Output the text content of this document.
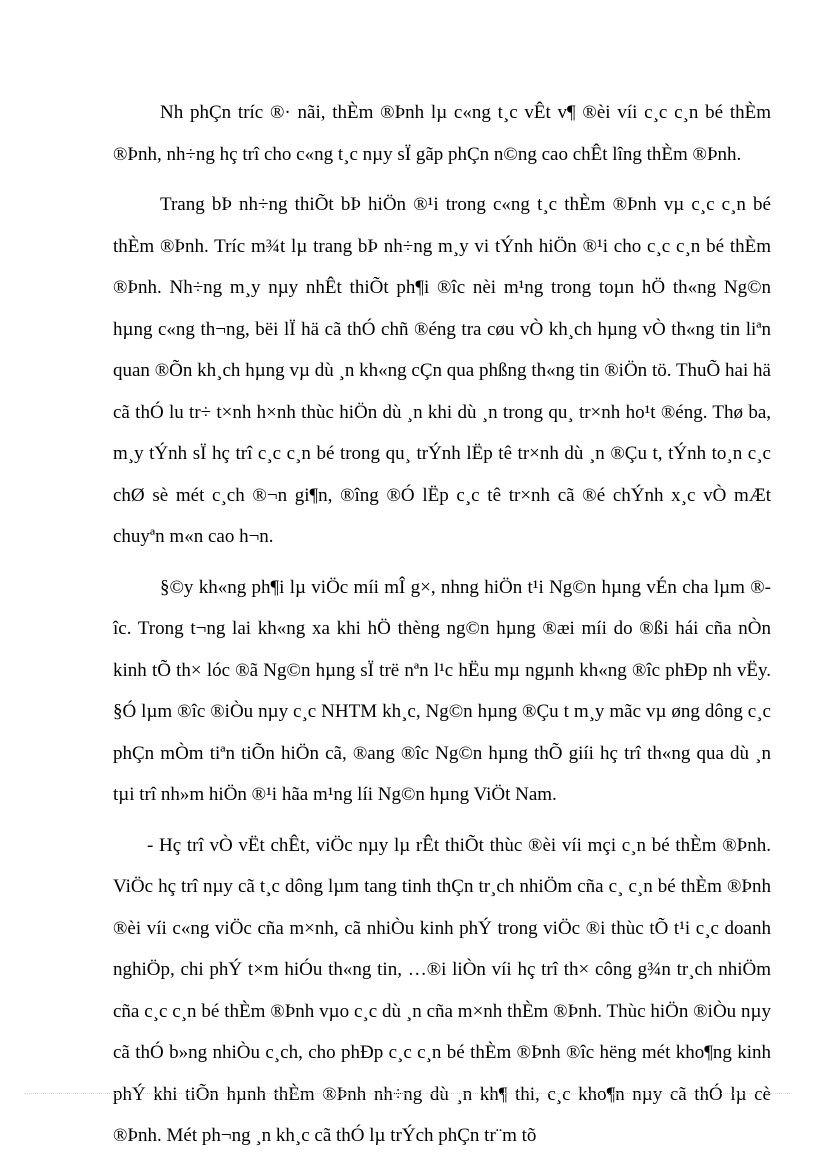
Nh phÇn tríc ®· nãi, thÈm ®Þnh lµ c«ng t¸c vÊt v¶ ®èi víi c¸c c¸n bé thÈm ®Þnh, nh÷ng hç trî cho c«ng t¸c nµy sÏ gãp phÇn n©ng cao chÊt lîng thÈm ®Þnh.

Trang bÞ nh÷ng thiÕt bÞ hiÖn ®¹i trong c«ng t¸c thÈm ®Þnh vµ c¸c c¸n bé thÈm ®Þnh. Tríc m¾t lµ trang bÞ nh÷ng m¸y vi tÝnh hiÖn ®¹i cho c¸c c¸n bé thÈm ®Þnh. Nh÷ng m¸y nµy nhÊt thiÕt ph¶i ®îc nèi m¹ng trong toµn hÖ th«ng Ng©n hµng c«ng th¬ng, bëi lÏ hä cã thÓ chñ ®éng tra cøu vÒ kh¸ch hµng vÒ th«ng tin liªn quan ®Õn kh¸ch hµng vµ dù ¸n kh«ng cÇn qua phßng th«ng tin ®iÖn tö. ThuÕ hai hä cã thÓ lu tr÷ t×nh h×nh thùc hiÖn dù ¸n khi dù ¸n trong qu¸ tr×nh ho¹t ®éng. Thø ba, m¸y tÝnh sÏ hç trî c¸c c¸n bé trong qu¸ trÝnh lËp tê tr×nh dù ¸n ®Çu t, tÝnh to¸n c¸c chØ sè mét c¸ch ®¬n gi¶n, ®îng ®Ó lËp c¸c tê tr×nh cã ®é chÝnh x¸c vÒ mÆt chuyªn m«n cao h¬n.

§©y kh«ng ph¶i lµ viÖc míi mÎ g×, nhng hiÖn t¹i Ng©n hµng vÉn cha lµm ®îc. Trong t¬ng lai kh«ng xa khi hÖ thèng ng©n hµng ®æi míi do ®ßi hái cña nÒn kinh tÕ th× lóc ®ã Ng©n hµng sÏ trë nªn l¹c hËu mµ ngµnh kh«ng ®îc phÐp nh vËy. §Ó lµm ®îc ®iÒu nµy c¸c NHTM kh¸c, Ng©n hµng ®Çu t m¸y mãc vµ øng dông c¸c phÇn mÒm tiªn tiÕn hiÖn cã, ®ang ®îc Ng©n hµng thÕ giíi hç trî th«ng qua dù ¸n tµi trî nh»m hiÖn ®¹i hãa m¹ng líi Ng©n hµng ViÖt Nam.

- Hç trî vÒ vËt chÊt, viÖc nµy lµ rÊt thiÕt thùc ®èi víi mçi c¸n bé thÈm ®Þnh. ViÖc hç trî nµy cã t¸c dông lµm tang tinh thÇn tr¸ch nhiÖm cña c¸ c¸n bé thÈm ®Þnh ®èi víi c«ng viÖc cña m×nh, cã nhiÒu kinh phÝ trong viÖc ®i thùc tÕ t¹i c¸c doanh nghiÖp, chi phÝ t×m hiÓu th«ng tin, …®i liÒn víi hç trî th× công g¾n tr¸ch nhiÖm cña c¸c c¸n bé thÈm ®Þnh vµo c¸c dù ¸n cña m×nh thÈm ®Þnh. Thùc hiÖn ®iÒu nµy cã thÓ b»ng nhiÒu c¸ch, cho phÐp c¸c c¸n bé thÈm ®Þnh ®îc hëng mét kho¶ng kinh phÝ khi tiÕn hµnh thÈm ®Þnh nh÷ng dù ¸n kh¶ thi, c¸c kho¶n nµy cã thÓ lµ cè ®Þnh. Mét ph¬ng ¸n kh¸c cã thÓ lµ trÝch phÇn tr¨m tõ
